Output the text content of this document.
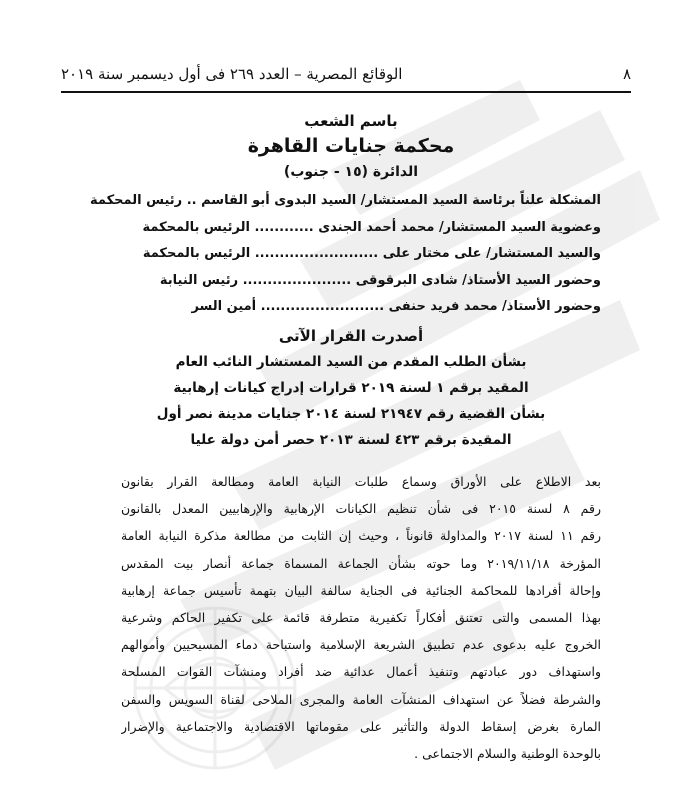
٨
الوقائع المصرية – العدد ٢٦٩ فى أول ديسمبر سنة ٢٠١٩
باسم الشعب
محكمة جنايات القاهرة
الدائرة (١٥ - جنوب)
المشكلة علناً برئاسة السيد المستشار/ السيد البدوى أبو القاسم .. رئيس المحكمة
وعضوية السيد المستشار/ محمد أحمد الجندى ............ الرئيس بالمحكمة
والسيد المستشار/ على مختار على ......................... الرئيس بالمحكمة
وحضور السيد الأستاذ/ شادى البرقوقى ...................... رئيس النيابة
وحضور الأستاذ/ محمد فريد حنفى ......................... أمين السر
أصدرت القرار الآتى
بشأن الطلب المقدم من السيد المستشار النائب العام
المقيد برقم ١ لسنة ٢٠١٩ قرارات إدراج كيانات إرهابية
بشأن القضية رقم ٢١٩٤٧ لسنة ٢٠١٤ جنايات مدينة نصر أول
المقيدة برقم ٤٢٣ لسنة ٢٠١٣ حصر أمن دولة عليا
بعد الاطلاع على الأوراق وسماع طلبات النيابة العامة ومطالعة القرار بقانون
رقم ٨ لسنة ٢٠١٥ فى شأن تنظيم الكيانات الإرهابية والإرهابيين المعدل بالقانون
رقم ١١ لسنة ٢٠١٧ والمداولة قانوناً ، وحيث إن الثابت من مطالعة مذكرة النيابة العامة
المؤرخة ٢٠١٩/١١/١٨ وما حوته بشأن الجماعة المسماة جماعة أنصار بيت المقدس
وإحالة أفرادها للمحاكمة الجنائية فى الجناية سالفة البيان بتهمة تأسيس جماعة إرهابية
بهذا المسمى والتى تعتنق أفكاراً تكفيرية متطرفة قائمة على تكفير الحاكم وشرعية
الخروج عليه بدعوى عدم تطبيق الشريعة الإسلامية واستباحة دماء المسيحيين وأموالهم
واستهداف دور عبادتهم وتنفيذ أعمال عدائية ضد أفراد ومنشآت القوات المسلحة
والشرطة فضلاً عن استهداف المنشآت العامة والمجرى الملاحى لقناة السويس والسفن
المارة بغرض إسقاط الدولة والتأثير على مقوماتها الاقتصادية والاجتماعية والإضرار
بالوحدة الوطنية والسلام الاجتماعى .
